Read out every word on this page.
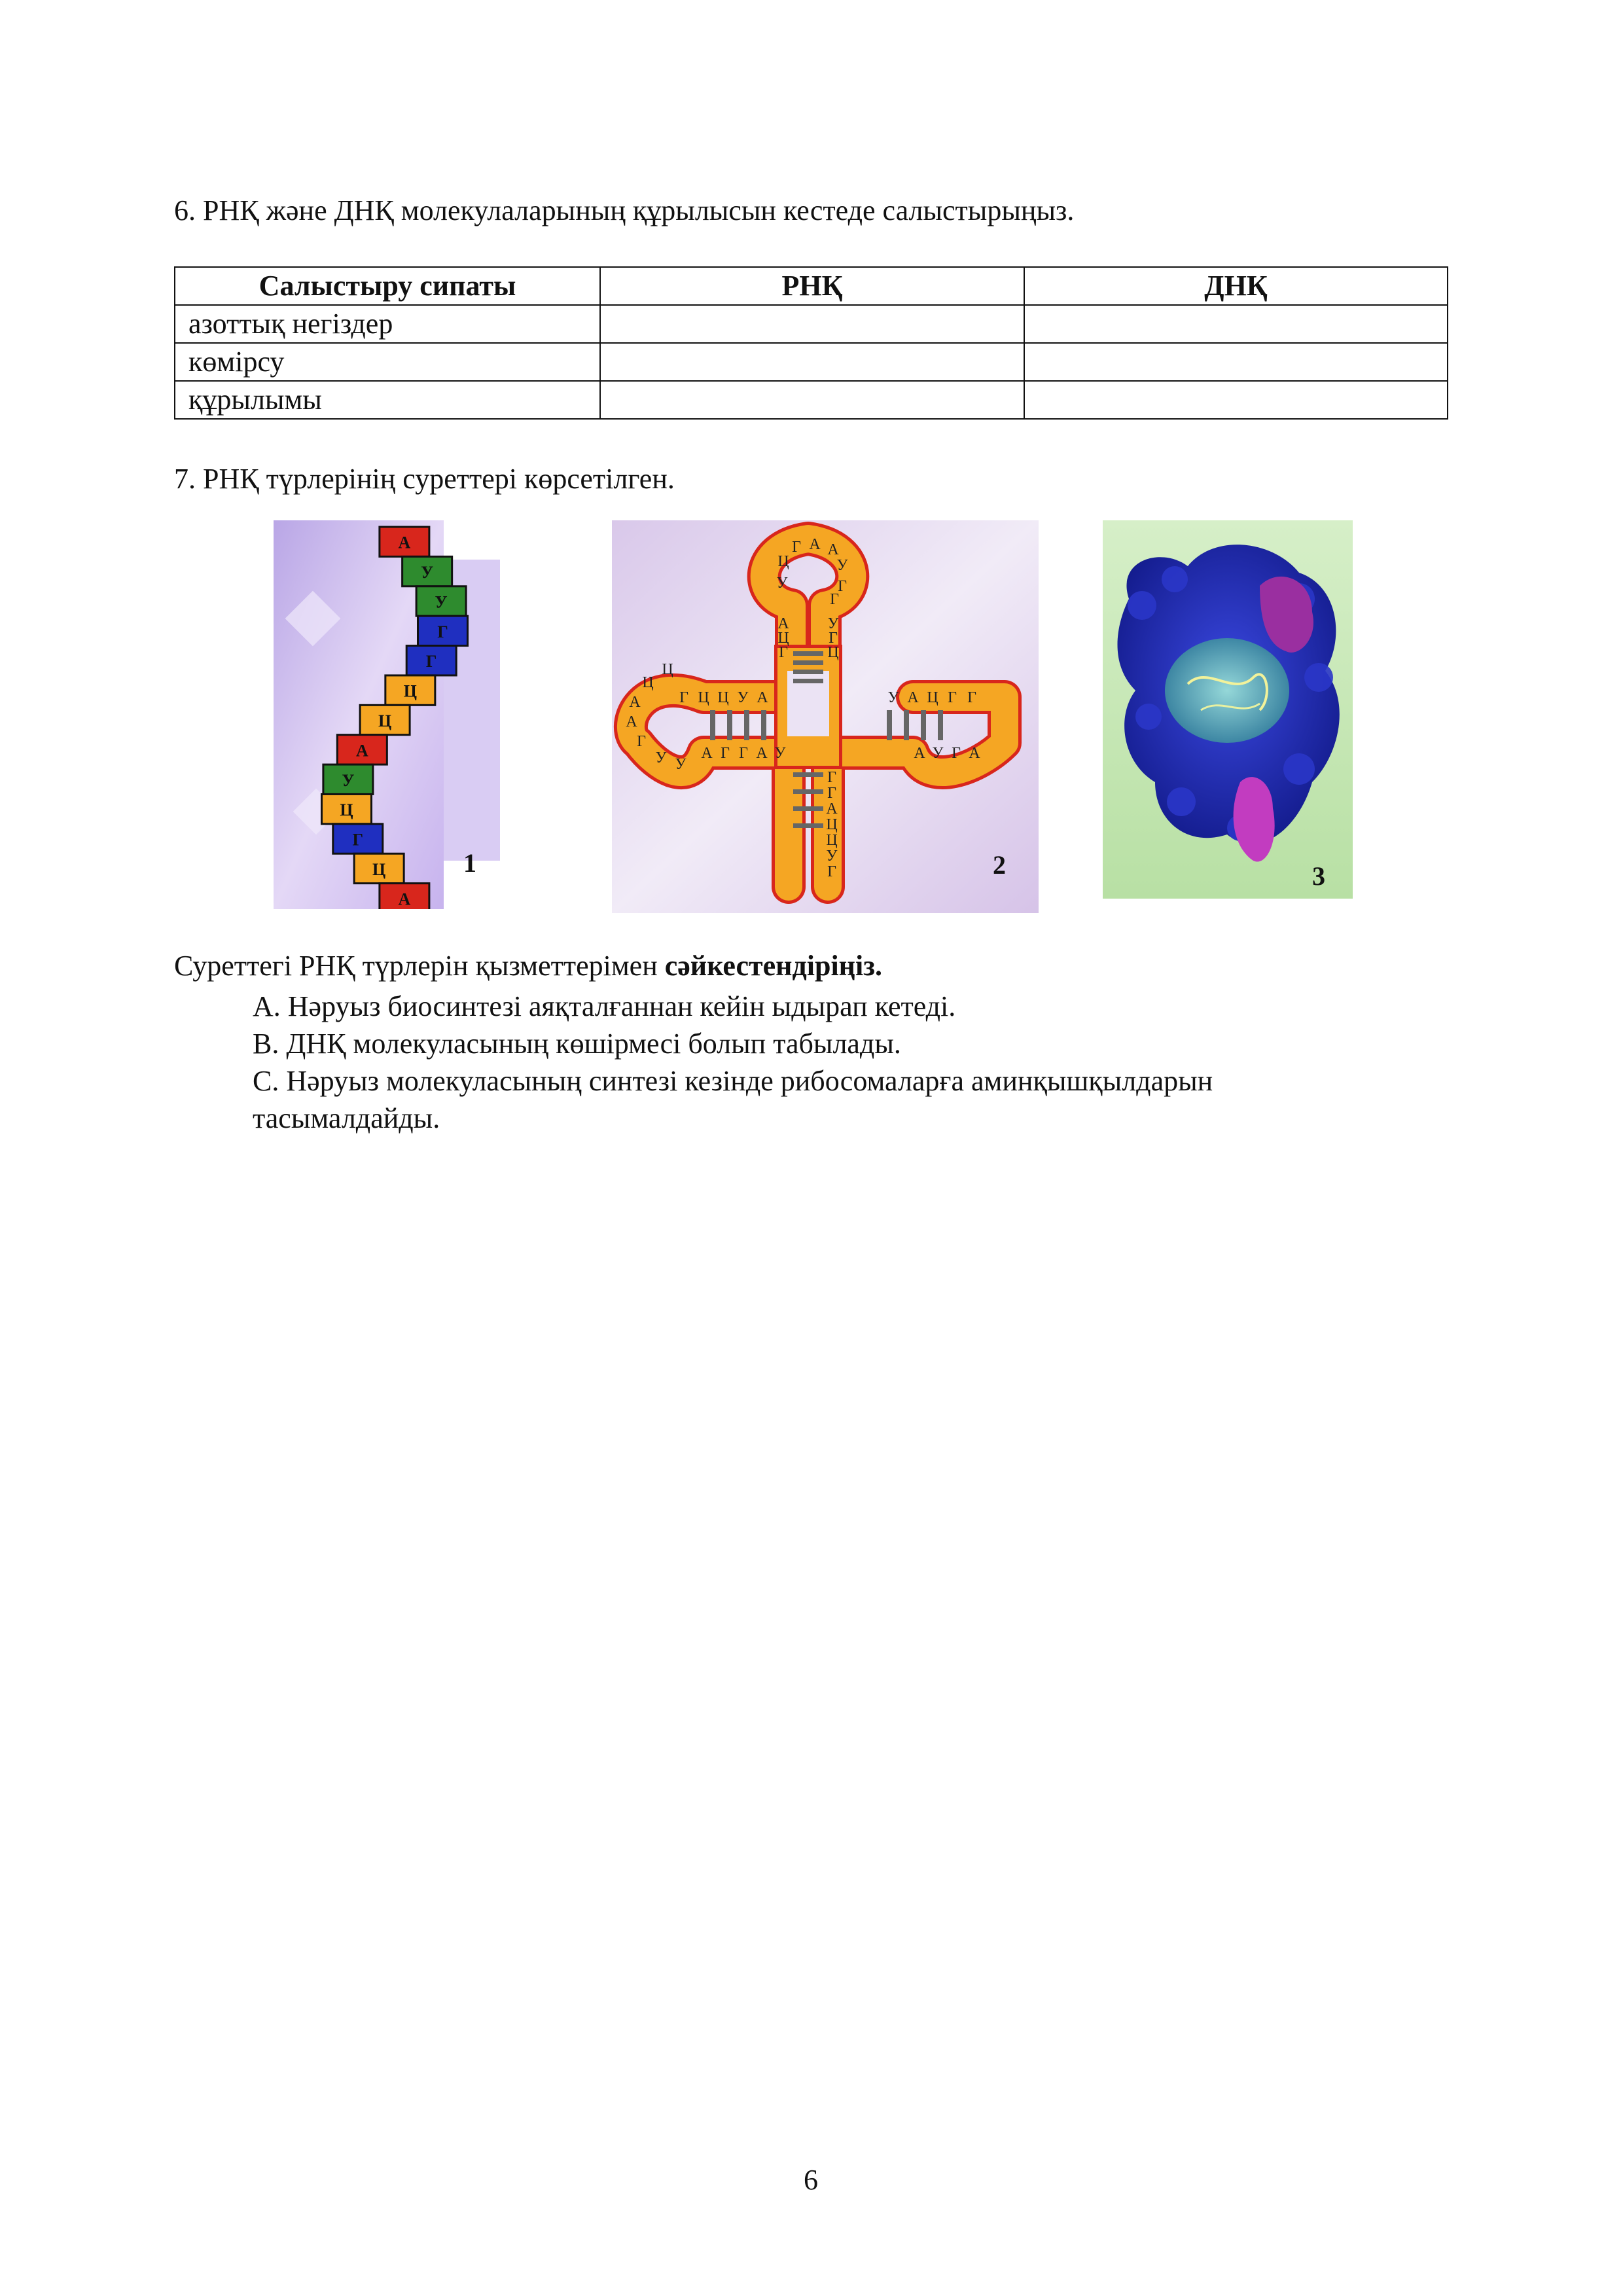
6. РНҚ және ДНҚ молекулаларының құрылысын кестеде салыстырыңыз.
Салыстыру сипаты	РНҚ	ДНҚ
азоттық негіздер		
көмірсу		
құрылымы		
7. РНҚ түрлерінің суреттері көрсетілген.
А
У
У
Г
Г
Ц
Ц
А
У
Ц
Г
Ц
А
1
У
Ц
Г А А
У
Г
Г
Г Ц Ц У А
Ц
Ц
А
А
Г
У У
А Г Г А У
У А Ц Г Г
А У Г А
А
Ц
Г
У
Г
Ц
Г
Г
А
Ц
Ц
У
Г	2	3
Суреттегі РНҚ түрлерін қызметтерімен сәйкестендіріңіз.
А. Нәруыз биосинтезі аяқталғаннан кейін ыдырап кетеді.
В. ДНҚ молекуласының көшірмесі болып табылады.
С. Нәруыз молекуласының синтезі кезінде рибосомаларға аминқышқылдарын
тасымалдайды.
6
